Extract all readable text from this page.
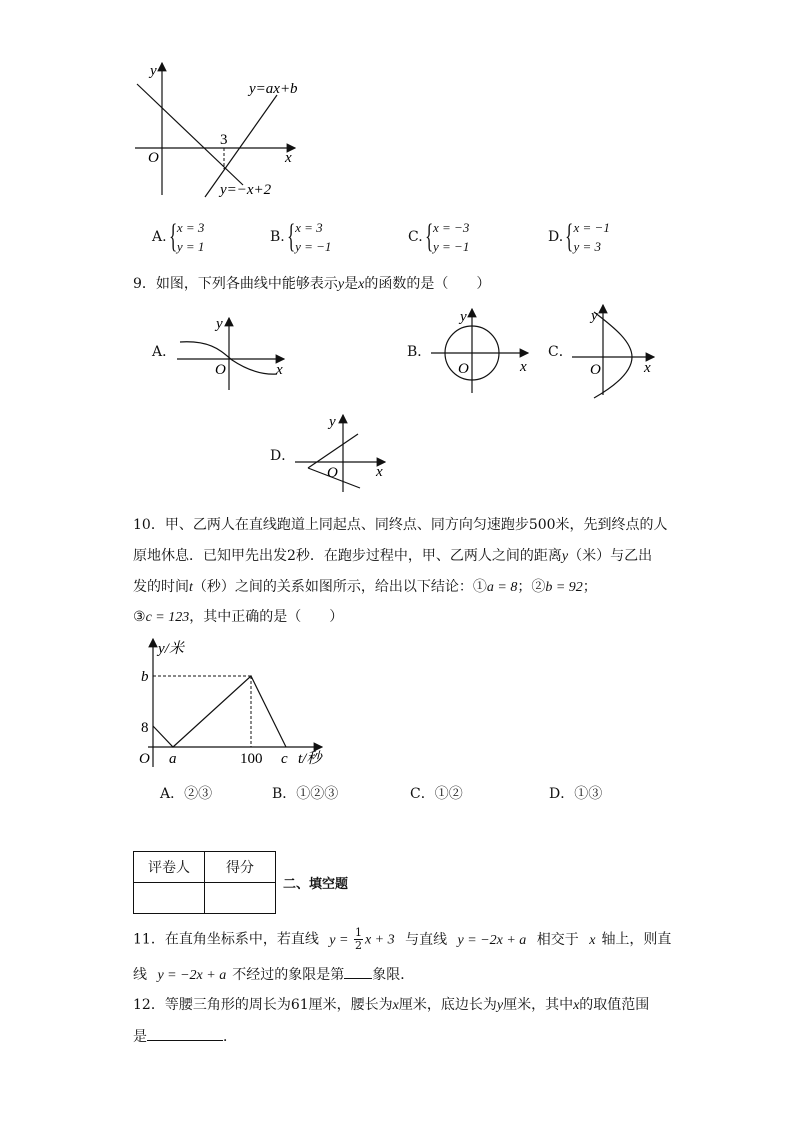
y
x
O
3
y=ax+b
y=−x+2
A. { x = 3
y = 1
B. { x = 3
y = −1
C. { x = −3
y = −1
D. { x = −1
y = 3
9．如图，下列各曲线中能够表示y是x的函数的是（　　）
A．
y
x
O
B．
y
x
O
C．
y
x
O
D．
y
x
O
10．甲、乙两人在直线跑道上同起点、同终点、同方向匀速跑步500米，先到终点的人
原地休息．已知甲先出发2秒．在跑步过程中，甲、乙两人之间的距离y（米）与乙出
发的时间t（秒）之间的关系如图所示，给出以下结论：①a = 8；②b = 92；
③c = 123，其中正确的是（　　）
y/米
b
8
O a	100 c t/秒
A．②③	B．①②③	C．①②	D．①③
评卷人	得分

二、填空题
11．在直角坐标系中，若直线 $y = \frac{1}{2}$ x + 3 与直线 y = −2x + a 相交于 x 轴上，则直
线 y = −2x + a 不经过的象限是第 象限．
12．等腰三角形的周长为61厘米，腰长为x厘米，底边长为y厘米，其中x的取值范围
是	．
